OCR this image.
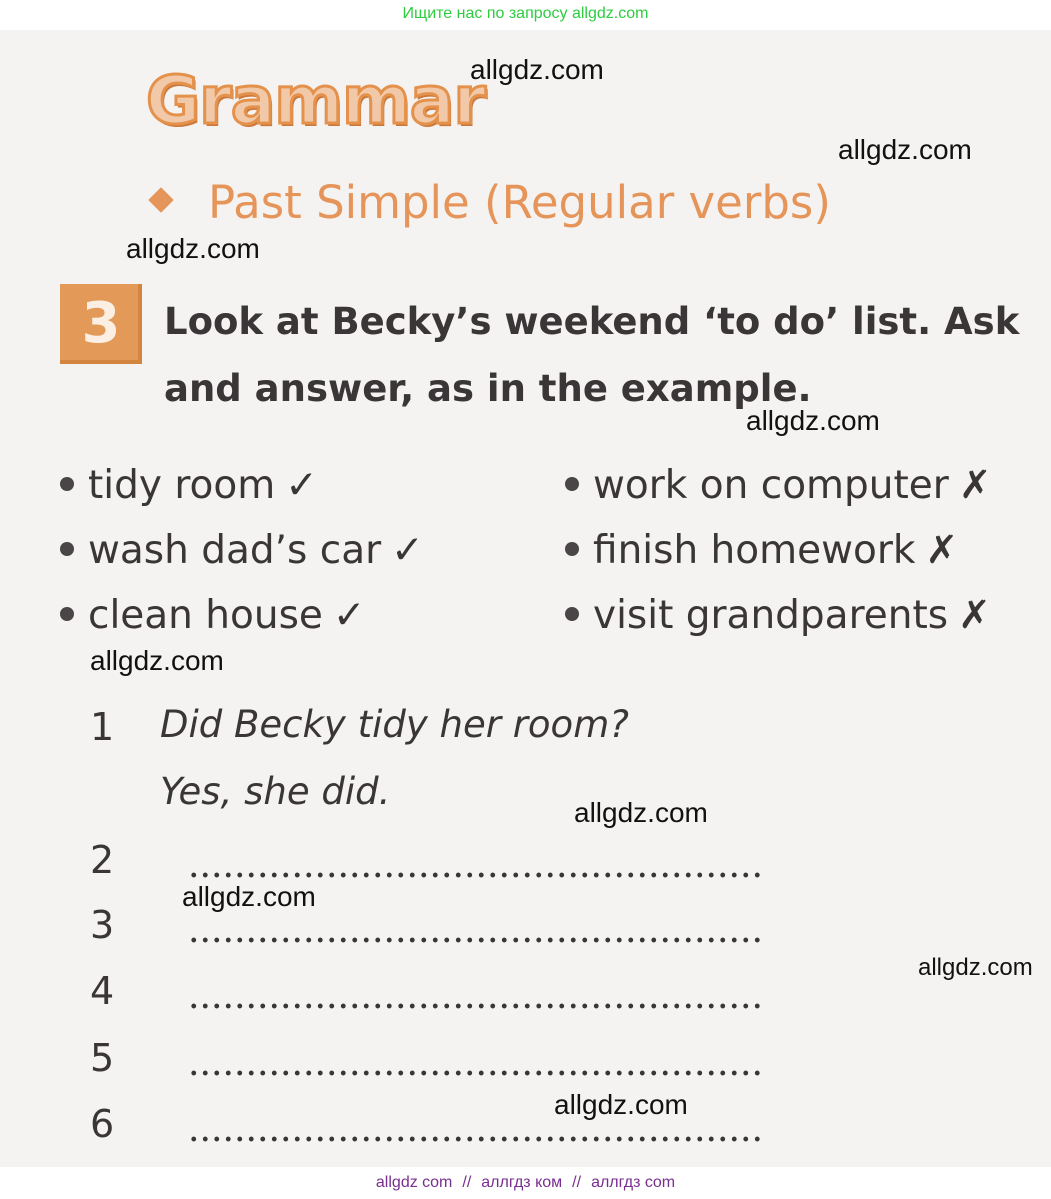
Ищите нас по запросу allgdz.com
Grammar
Past Simple (Regular verbs)
3	Look at Becky’s weekend ‘to do’ list. Ask and answer, as in the example.
tidy room ✓
wash dad’s car ✓
clean house ✓
work on computer ✗
finish homework ✗
visit grandparents ✗
1 Did Becky tidy her room?
Yes, she did.
2
3
4
5
6
allgdz.com
allgdz.com
allgdz.com
allgdz.com
allgdz.com
allgdz.com
allgdz.com
allgdz.com
allgdz.com
allgdz com // аллгдз ком // аллгдз com
